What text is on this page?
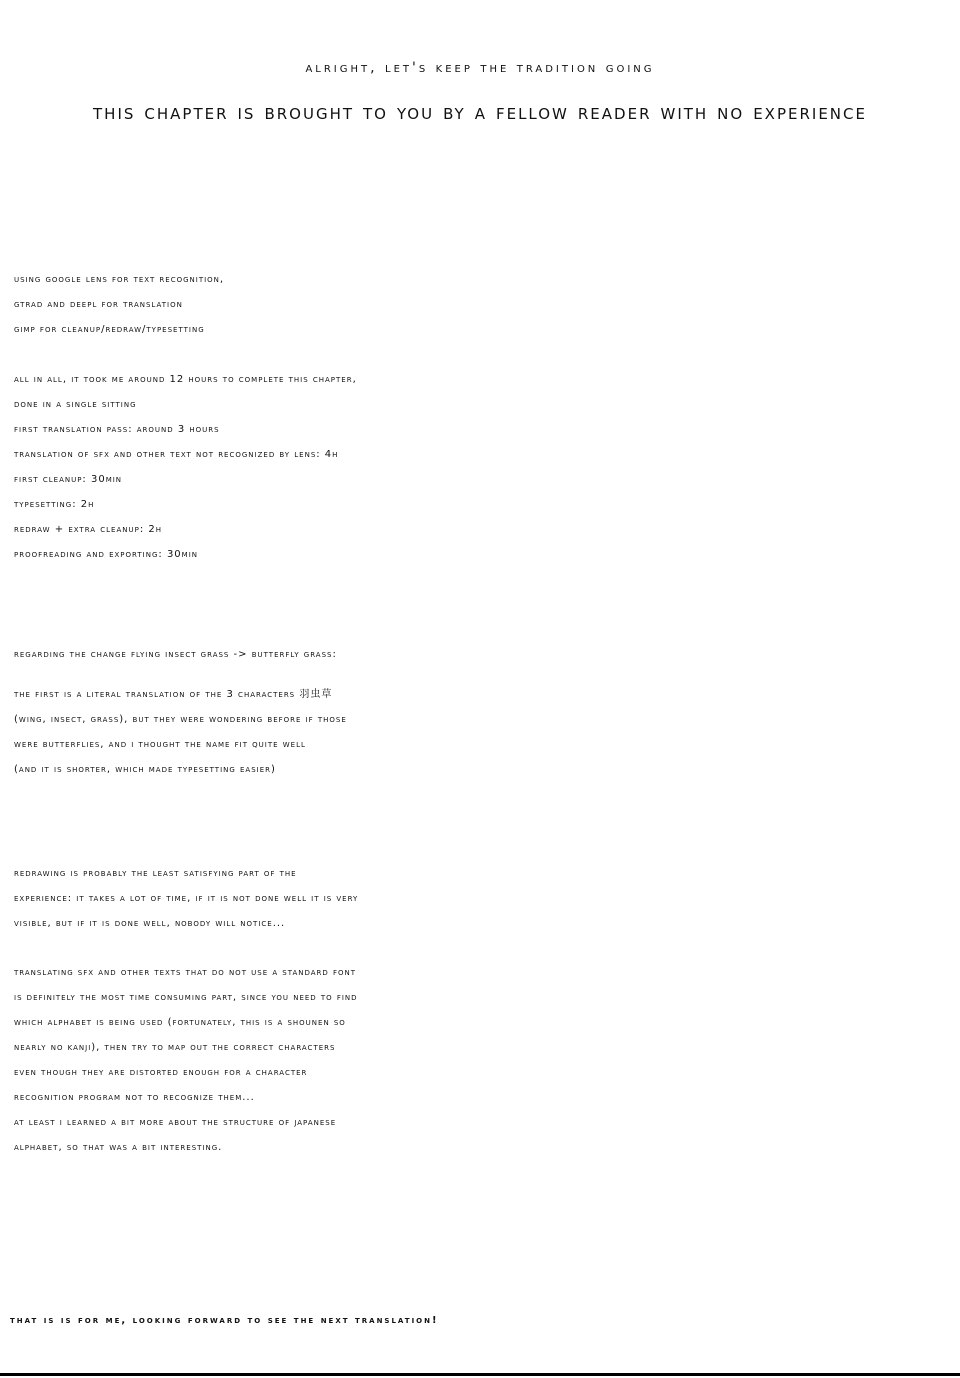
alright, let's keep the tradition going
this chapter is brought to you by a fellow reader with no experience
using google lens for text recognition,
gtrad and deepl for translation
gimp for cleanup/redraw/typesetting
all in all, it took me around 12 hours to complete this chapter,
done in a single sitting
first translation pass: around 3 hours
translation of sfx and other text not recognized by lens: 4h
first cleanup: 30min
typesetting: 2h
redraw + extra cleanup: 2h
proofreading and exporting: 30min
regarding the change flying insect grass -> butterfly grass:
the first is a literal translation of the 3 characters 羽虫草
(wing, insect, grass), but they were wondering before if those
were butterflies, and i thought the name fit quite well
(and it is shorter, which made typesetting easier)
redrawing is probably the least satisfying part of the
experience: it takes a lot of time, if it is not done well it is very
visible, but if it is done well, nobody will notice...
translating sfx and other texts that do not use a standard font
is definitely the most time consuming part, since you need to find
which alphabet is being used (fortunately, this is a shounen so
nearly no kanji), then try to map out the correct characters
even though they are distorted enough for a character
recognition program not to recognize them...
at least i learned a bit more about the structure of japanese
alphabet, so that was a bit interesting.
that is is for me, looking forward to see the next translation!
